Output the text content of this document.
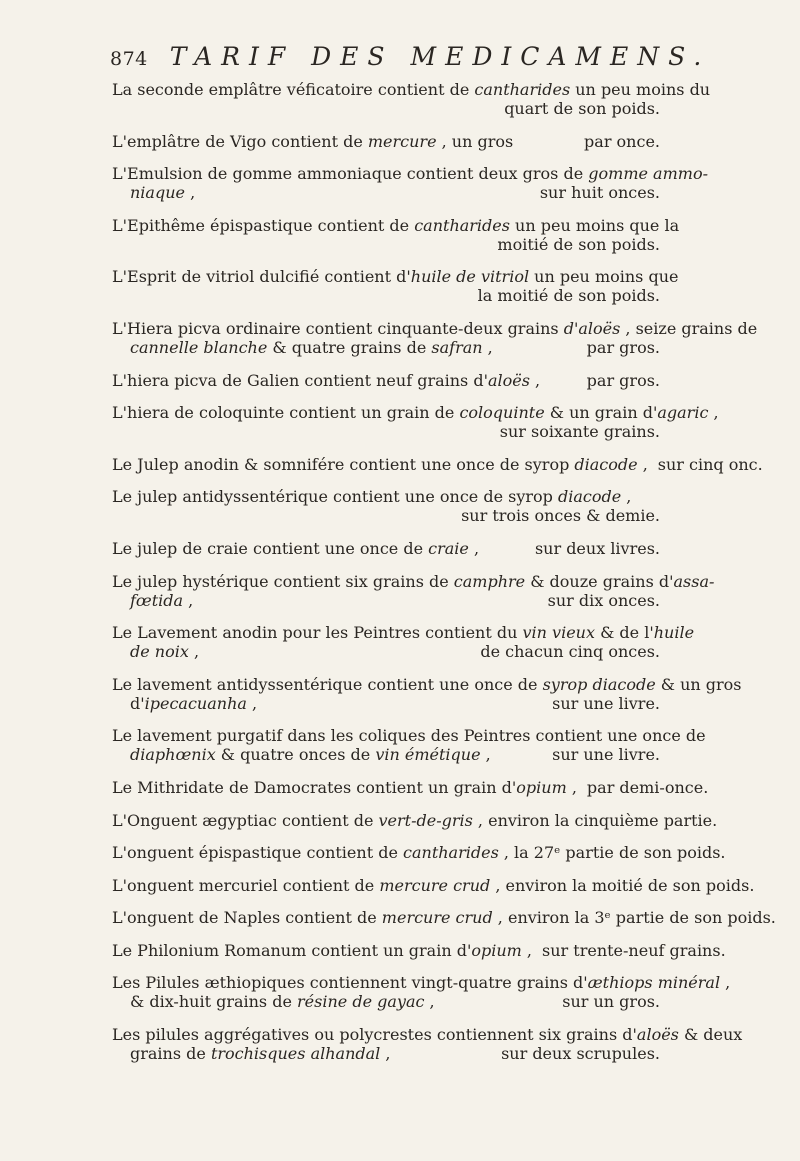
874 TARIF DES MEDICAMENS.
La seconde emplâtre véficatoire contient de cantharides un peu moins du
quart de son poids.
L'emplâtre de Vigo contient de mercure , un gros	par once.
L'Emulsion de gomme ammoniaque contient deux gros de gomme ammo-
niaque ,	sur huit onces.
L'Epithême épispastique contient de cantharides un peu moins que la
moitié de son poids.
L'Esprit de vitriol dulcifié contient d'huile de vitriol un peu moins que
la moitié de son poids.
L'Hiera picva ordinaire contient cinquante-deux grains d'aloës , seize grains de
cannelle blanche & quatre grains de safran ,	par gros.
L'hiera picva de Galien contient neuf grains d'aloës ,	par gros.
L'hiera de coloquinte contient un grain de coloquinte & un grain d'agaric ,
sur soixante grains.
Le Julep anodin & somnifére contient une once de syrop diacode , sur cinq onc.
Le julep antidyssentérique contient une once de syrop diacode ,
sur trois onces & demie.
Le julep de craie contient une once de craie ,	sur deux livres.
Le julep hystérique contient six grains de camphre & douze grains d'assa-
fœtida ,	sur dix onces.
Le Lavement anodin pour les Peintres contient du vin vieux & de l'huile
de noix ,	de chacun cinq onces.
Le lavement antidyssentérique contient une once de syrop diacode & un gros
d'ipecacuanha ,	sur une livre.
Le lavement purgatif dans les coliques des Peintres contient une once de
diaphœnix & quatre onces de vin émétique ,	sur une livre.
Le Mithridate de Damocrates contient un grain d'opium , par demi-once.
L'Onguent ægyptiac contient de vert-de-gris , environ la cinquième partie.
L'onguent épispastique contient de cantharides , la 27ᵉ partie de son poids.
L'onguent mercuriel contient de mercure crud , environ la moitié de son poids.
L'onguent de Naples contient de mercure crud , environ la 3ᵉ partie de son poids.
Le Philonium Romanum contient un grain d'opium , sur trente-neuf grains.
Les Pilules æthiopiques contiennent vingt-quatre grains d'æthiops minéral ,
& dix-huit grains de résine de gayac ,	sur un gros.
Les pilules aggrégatives ou polycrestes contiennent six grains d'aloës & deux
grains de trochisques alhandal ,	sur deux scrupules.
